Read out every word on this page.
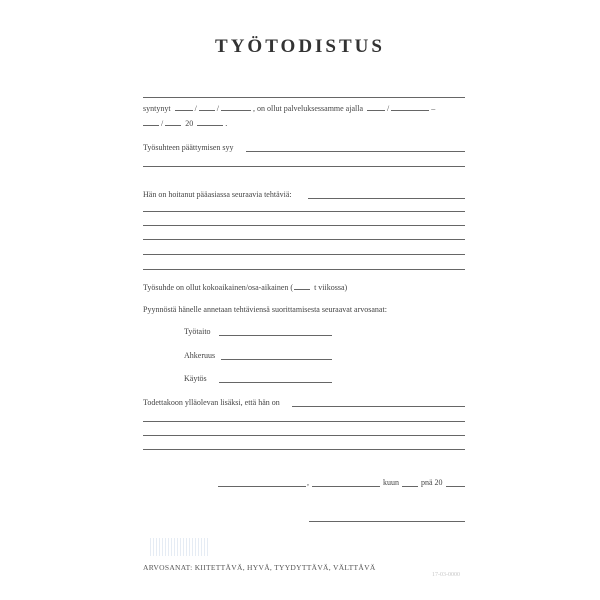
TYÖTODISTUS
syntynyt	/	/	, on ollut palveluksessamme ajalla	/	–
/	20	.
Työsuhteen päättymisen syy
Hän on hoitanut pääasiassa seuraavia tehtäviä:
Työsuhde on ollut kokoaikainen/osa-aikainen (	t viikossa)
Pyynnöstä hänelle annetaan tehtäviensä suorittamisesta seuraavat arvosanat:
Työtaito
Ahkeruus
Käytös
Todettakoon ylläolevan lisäksi, että hän on
,	kuun	pnä 20
ARVOSANAT: KIITETTÄVÄ, HYVÄ, TYYDYTTÄVÄ, VÄLTTÄVÄ
17-03-0000
